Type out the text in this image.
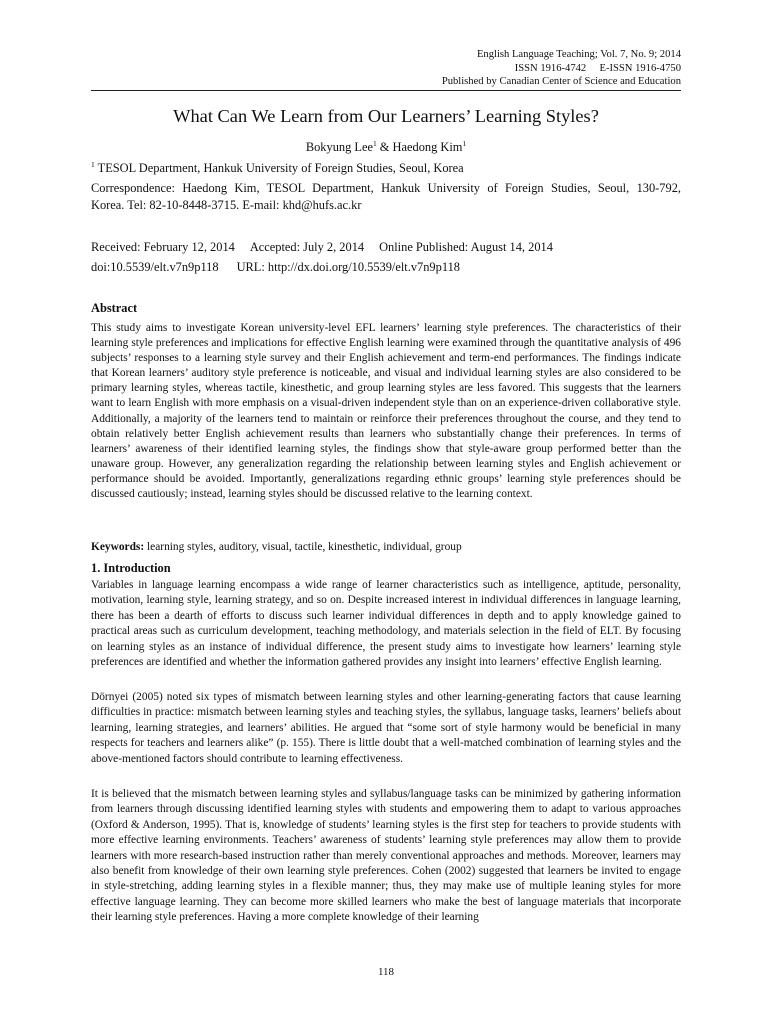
English Language Teaching; Vol. 7, No. 9; 2014
ISSN 1916-4742     E-ISSN 1916-4750
Published by Canadian Center of Science and Education
What Can We Learn from Our Learners’ Learning Styles?
Bokyung Lee$^1$ & Haedong Kim$^1$
$^1$ TESOL Department, Hankuk University of Foreign Studies, Seoul, Korea
Correspondence: Haedong Kim, TESOL Department, Hankuk University of Foreign Studies, Seoul, 130-792,
Korea. Tel: 82-10-8448-3715. E-mail: khd@hufs.ac.kr
Received: February 12, 2014 Accepted: July 2, 2014 Online Published: August 14, 2014
doi:10.5539/elt.v7n9p118 URL: http://dx.doi.org/10.5539/elt.v7n9p118
Abstract
This study aims to investigate Korean university-level EFL learners’ learning style preferences. The characteristics of their learning style preferences and implications for effective English learning were examined through the quantitative analysis of 496 subjects’ responses to a learning style survey and their English achievement and term-end performances. The findings indicate that Korean learners’ auditory style preference is noticeable, and visual and individual learning styles are also considered to be primary learning styles, whereas tactile, kinesthetic, and group learning styles are less favored. This suggests that the learners want to learn English with more emphasis on a visual-driven independent style than on an experience-driven collaborative style. Additionally, a majority of the learners tend to maintain or reinforce their preferences throughout the course, and they tend to obtain relatively better English achievement results than learners who substantially change their preferences. In terms of learners’ awareness of their identified learning styles, the findings show that style-aware group performed better than the unaware group. However, any generalization regarding the relationship between learning styles and English achievement or performance should be avoided. Importantly, generalizations regarding ethnic groups’ learning style preferences should be discussed cautiously; instead, learning styles should be discussed relative to the learning context.
Keywords: learning styles, auditory, visual, tactile, kinesthetic, individual, group
1. Introduction

Variables in language learning encompass a wide range of learner characteristics such as intelligence, aptitude, personality, motivation, learning style, learning strategy, and so on. Despite increased interest in individual differences in language learning, there has been a dearth of efforts to discuss such learner individual differences in depth and to apply knowledge gained to practical areas such as curriculum development, teaching methodology, and materials selection in the field of ELT. By focusing on learning styles as an instance of individual difference, the present study aims to investigate how learners’ learning style preferences are identified and whether the information gathered provides any insight into learners’ effective English learning.

Dörnyei (2005) noted six types of mismatch between learning styles and other learning-generating factors that cause learning difficulties in practice: mismatch between learning styles and teaching styles, the syllabus, language tasks, learners’ beliefs about learning, learning strategies, and learners’ abilities. He argued that “some sort of style harmony would be beneficial in many respects for teachers and learners alike” (p. 155). There is little doubt that a well-matched combination of learning styles and the above-mentioned factors should contribute to learning effectiveness.

It is believed that the mismatch between learning styles and syllabus/language tasks can be minimized by gathering information from learners through discussing identified learning styles with students and empowering them to adapt to various approaches (Oxford & Anderson, 1995). That is, knowledge of students’ learning styles is the first step for teachers to provide students with more effective learning environments. Teachers’ awareness of students’ learning style preferences may allow them to provide learners with more research-based instruction rather than merely conventional approaches and methods. Moreover, learners may also benefit from knowledge of their own learning style preferences. Cohen (2002) suggested that learners be invited to engage in style-stretching, adding learning styles in a flexible manner; thus, they may make use of multiple leaning styles for more effective language learning. They can become more skilled learners who make the best of language materials that incorporate their learning style preferences. Having a more complete knowledge of their learning

118
